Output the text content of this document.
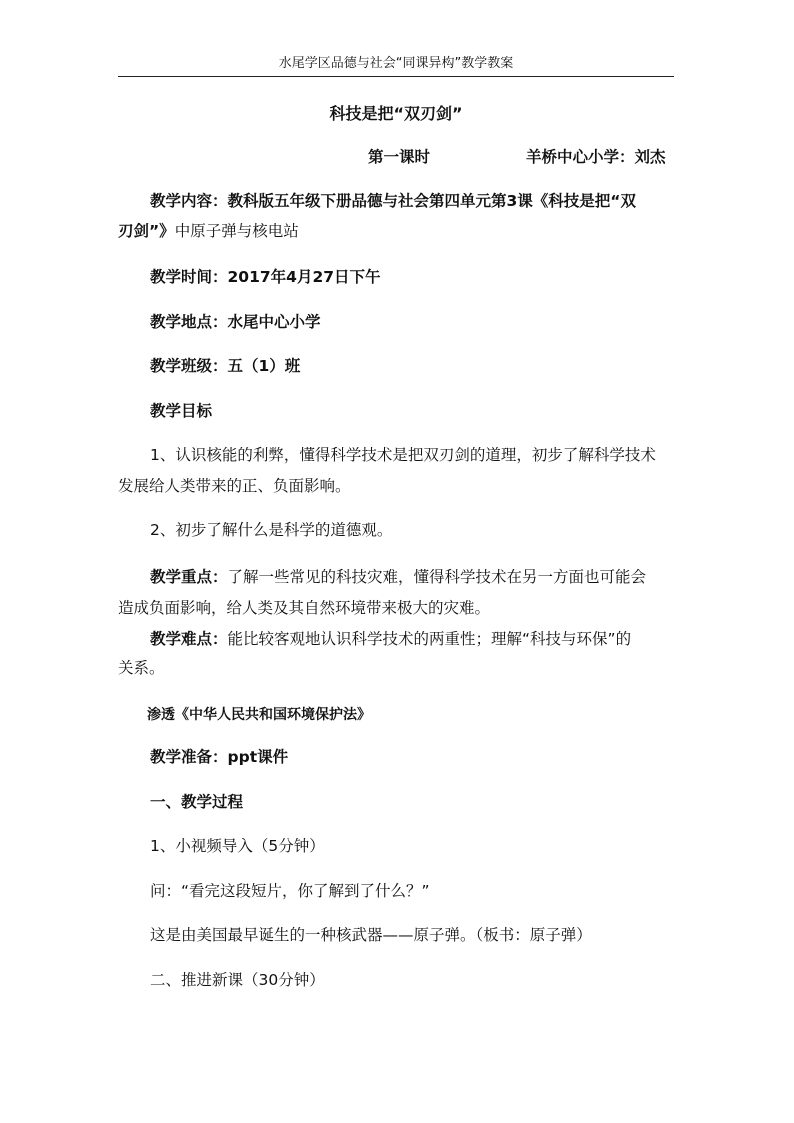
水尾学区品德与社会“同课异构”教学教案
科技是把“双刃剑”
第一课时	羊桥中心小学：刘杰
教学内容：教科版五年级下册品德与社会第四单元第3课《科技是把“双
刃剑”》中原子弹与核电站
教学时间：2017年4月27日下午
教学地点：水尾中心小学
教学班级：五（1）班
教学目标
1、认识核能的利弊，懂得科学技术是把双刃剑的道理，初步了解科学技术
发展给人类带来的正、负面影响。
2、初步了解什么是科学的道德观。
教学重点：了解一些常见的科技灾难，懂得科学技术在另一方面也可能会
造成负面影响，给人类及其自然环境带来极大的灾难。
教学难点：能比较客观地认识科学技术的两重性；理解“科技与环保”的
关系。
渗透《中华人民共和国环境保护法》
教学准备：ppt课件
一、教学过程
1、小视频导入（5分钟）
问：“看完这段短片，你了解到了什么？”
这是由美国最早诞生的一种核武器——原子弹。（板书：原子弹）
二、推进新课（30分钟）
